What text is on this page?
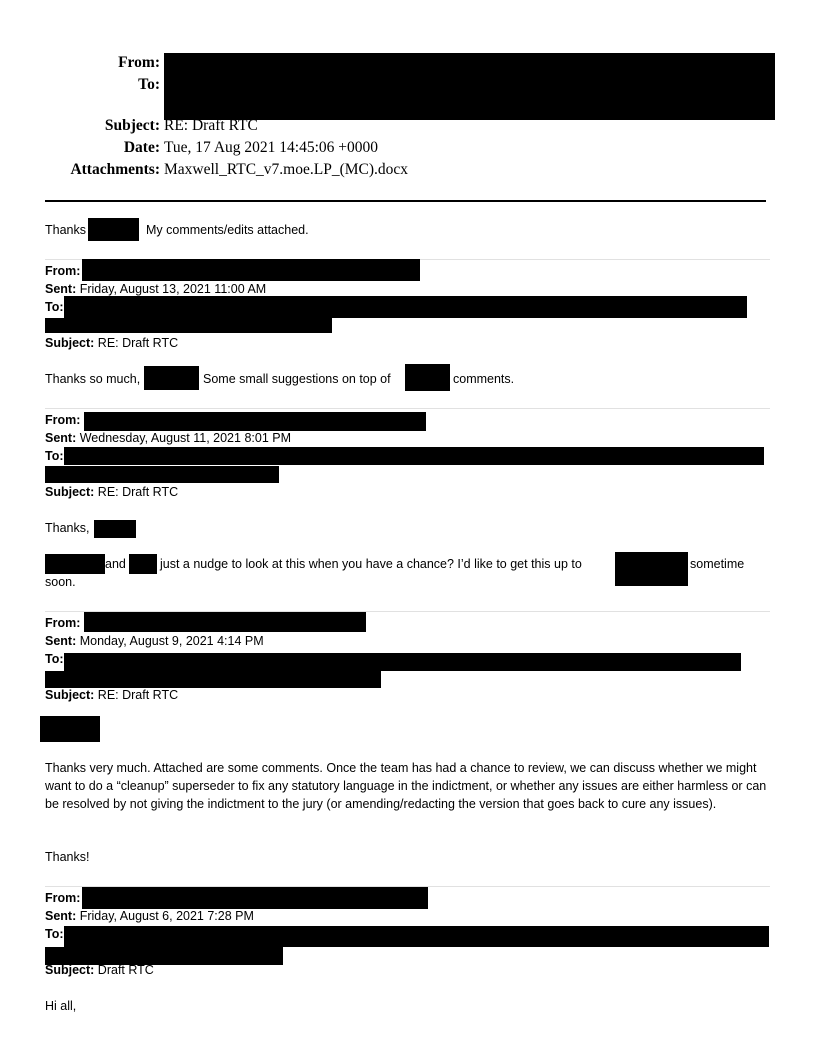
From:
To:
Subject: RE: Draft RTC
Date: Tue, 17 Aug 2021 14:45:06 +0000
Attachments: Maxwell_RTC_v7.moe.LP_(MC).docx
Thanks	My comments/edits attached.
From:
Sent: Friday, August 13, 2021 11:00 AM
To:
Subject: RE: Draft RTC
Thanks so much,	Some small suggestions on top of	comments.
From:
Sent: Wednesday, August 11, 2021 8:01 PM
To:
Subject: RE: Draft RTC
Thanks,
and	just a nudge to look at this when you have a chance? I’d like to get this up to	sometime
soon.
From:
Sent: Monday, August 9, 2021 4:14 PM
To:
Subject: RE: Draft RTC
Thanks very much. Attached are some comments. Once the team has had a chance to review, we can discuss whether we might want to do a “cleanup” superseder to fix any statutory language in the indictment, or whether any issues are either harmless or can be resolved by not giving the indictment to the jury (or amending/redacting the version that goes back to cure any issues).
Thanks!
From:
Sent: Friday, August 6, 2021 7:28 PM
To:
Subject: Draft RTC
Hi all,
